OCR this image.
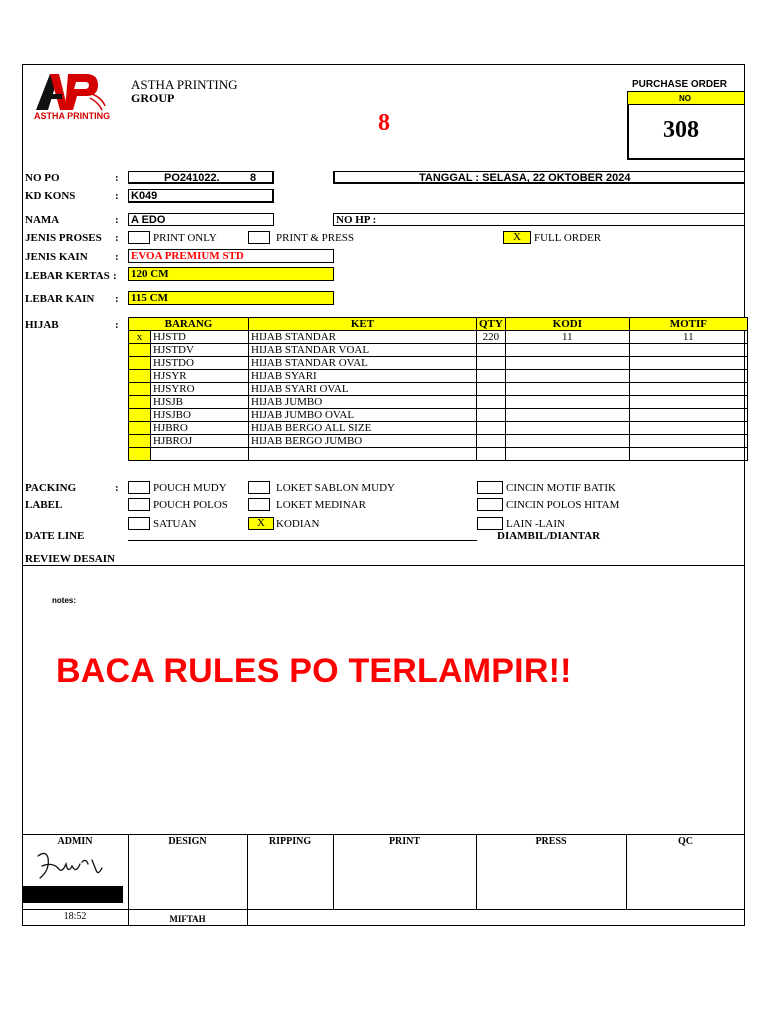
ASTHA PRINTING
ASTHA PRINTING
GROUP
8
PURCHASE ORDER
NO
308
NO PO	:	PO241022.	8	TANGGAL : SELASA, 22 OKTOBER 2024
KD KONS	: K049
NAMA	: A EDO	NO HP :
JENIS PROSES :	PRINT ONLY	PRINT & PRESS	X	FULL ORDER
JENIS KAIN : EVOA PREMIUM STD
LEBAR KERTAS : 120 CM
LEBAR KAIN : 115 CM
HIJAB	:	BARANG		KET	QTY	KODI	MOTIF
x	HJSTD	HIJAB STANDAR	220	11	11
	HJSTDV	HIJAB STANDAR VOAL			
	HJSTDO	HIJAB STANDAR OVAL			
	HJSYR	HIJAB SYARI			
	HJSYRO	HIJAB SYARI OVAL			
	HJSJB	HIJAB JUMBO			
	HJSJBO	HIJAB JUMBO OVAL			
	HJBRO	HIJAB BERGO ALL SIZE			
	HJBROJ	HIJAB BERGO JUMBO			

PACKING	:
LABEL
POUCH MUDY	LOKET SABLON MUDY	CINCIN MOTIF BATIK
POUCH POLOS	LOKET MEDINAR	CINCIN POLOS HITAM
SATUAN	X	KODIAN	LAIN -LAIN
DATE LINE	DIAMBIL/DIANTAR
REVIEW DESAIN
notes:
BACA RULES PO TERLAMPIR!!
ADMIN	DESIGN	RIPPING	PRINT	PRESS	QC
18:52	MIFTAH
